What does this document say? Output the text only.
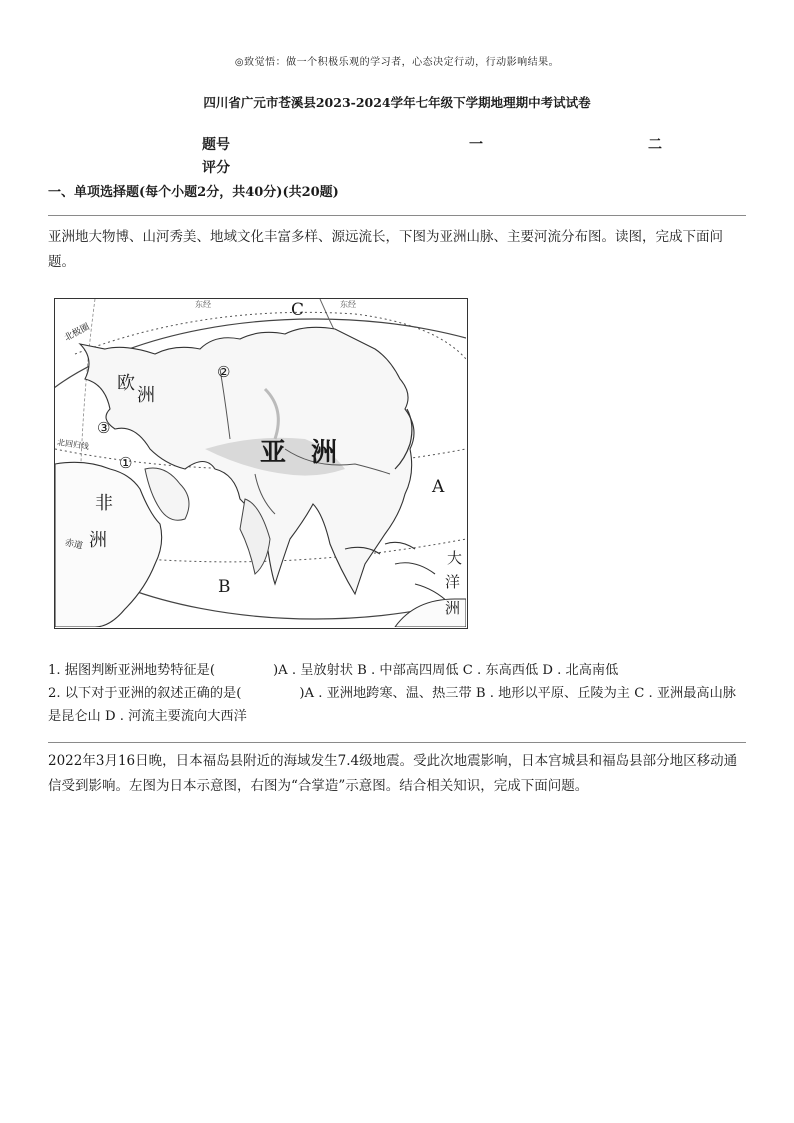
◎致觉悟：做一个积极乐观的学习者，心态决定行动，行动影响结果。
四川省广元市苍溪县2023-2024学年七年级下学期地理期中考试试卷
题号	一	二
评分
一、单项选择题(每个小题2分，共40分)(共20题)
亚洲地大物博、山河秀美、地域文化丰富多样、源远流长，下图为亚洲山脉、主要河流分布图。读图，完成下面问题。
亚 洲
欧
洲
非
洲
大
洋
洲
A
B
C
①
②
③
北极圈
北回归线
赤道
东经	东经
1. 据图判断亚洲地势特征是(	)A . 呈放射状 B . 中部高四周低 C . 东高西低 D . 北高南低
2. 以下对于亚洲的叙述正确的是(	)A . 亚洲地跨寒、温、热三带 B . 地形以平原、丘陵为主 C . 亚洲最高山脉是昆仑山 D . 河流主要流向大西洋
2022年3月16日晚，日本福岛县附近的海域发生7.4级地震。受此次地震影响，日本宫城县和福岛县部分地区移动通信受到影响。左图为日本示意图，右图为“合掌造”示意图。结合相关知识，完成下面问题。
